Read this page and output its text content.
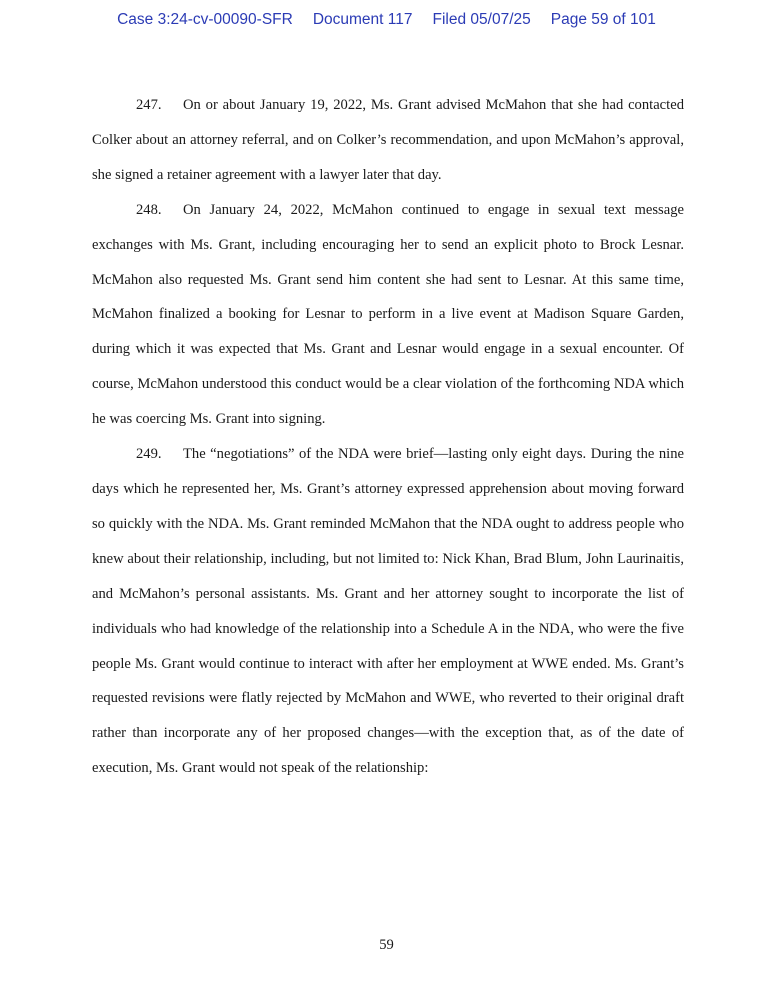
Case 3:24-cv-00090-SFR Document 117 Filed 05/07/25 Page 59 of 101

247. On or about January 19, 2022, Ms. Grant advised McMahon that she had contacted Colker about an attorney referral, and on Colker’s recommendation, and upon McMahon’s approval, she signed a retainer agreement with a lawyer later that day.

248. On January 24, 2022, McMahon continued to engage in sexual text message exchanges with Ms. Grant, including encouraging her to send an explicit photo to Brock Lesnar. McMahon also requested Ms. Grant send him content she had sent to Lesnar. At this same time, McMahon finalized a booking for Lesnar to perform in a live event at Madison Square Garden, during which it was expected that Ms. Grant and Lesnar would engage in a sexual encounter. Of course, McMahon understood this conduct would be a clear violation of the forthcoming NDA which he was coercing Ms. Grant into signing.

249. The “negotiations” of the NDA were brief—lasting only eight days. During the nine days which he represented her, Ms. Grant’s attorney expressed apprehension about moving forward so quickly with the NDA. Ms. Grant reminded McMahon that the NDA ought to address people who knew about their relationship, including, but not limited to: Nick Khan, Brad Blum, John Laurinaitis, and McMahon’s personal assistants. Ms. Grant and her attorney sought to incorporate the list of individuals who had knowledge of the relationship into a Schedule A in the NDA, who were the five people Ms. Grant would continue to interact with after her employment at WWE ended. Ms. Grant’s requested revisions were flatly rejected by McMahon and WWE, who reverted to their original draft rather than incorporate any of her proposed changes—with the exception that, as of the date of execution, Ms. Grant would not speak of the relationship:

59
